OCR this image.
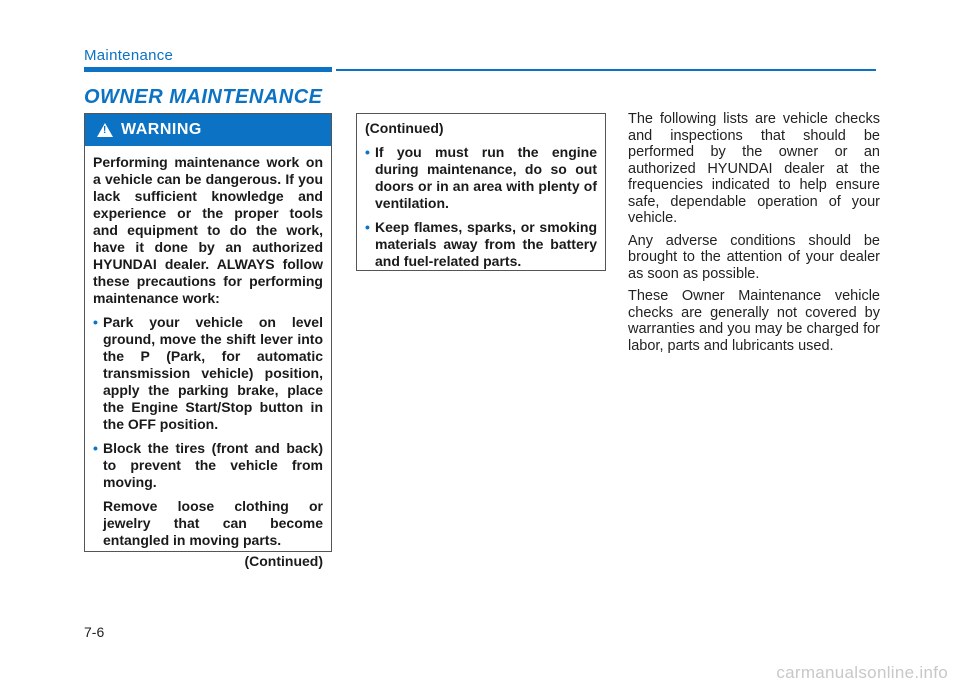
Maintenance
OWNER MAINTENANCE
! WARNING

Performing maintenance work on a vehicle can be dangerous. If you lack sufficient knowledge and experience or the proper tools and equipment to do the work, have it done by an authorized HYUNDAI dealer. ALWAYS follow these precautions for performing maintenance work:

• Park your vehicle on level ground, move the shift lever into the P (Park, for automatic transmission vehicle) position, apply the parking brake, place the Engine Start/Stop button in the OFF position.
• Block the tires (front and back) to prevent the vehicle from moving.
Remove loose clothing or jewelry that can become entangled in moving parts.
(Continued)

(Continued)

• If you must run the engine during maintenance, do so out doors or in an area with plenty of ventilation.
• Keep flames, sparks, or smoking materials away from the battery and fuel-related parts.

The following lists are vehicle checks and inspections that should be performed by the owner or an authorized HYUNDAI dealer at the frequencies indicated to help ensure safe, dependable operation of your vehicle.

Any adverse conditions should be brought to the attention of your dealer as soon as possible.

These Owner Maintenance vehicle checks are generally not covered by warranties and you may be charged for labor, parts and lubricants used.

7-6
carmanualsonline.info
